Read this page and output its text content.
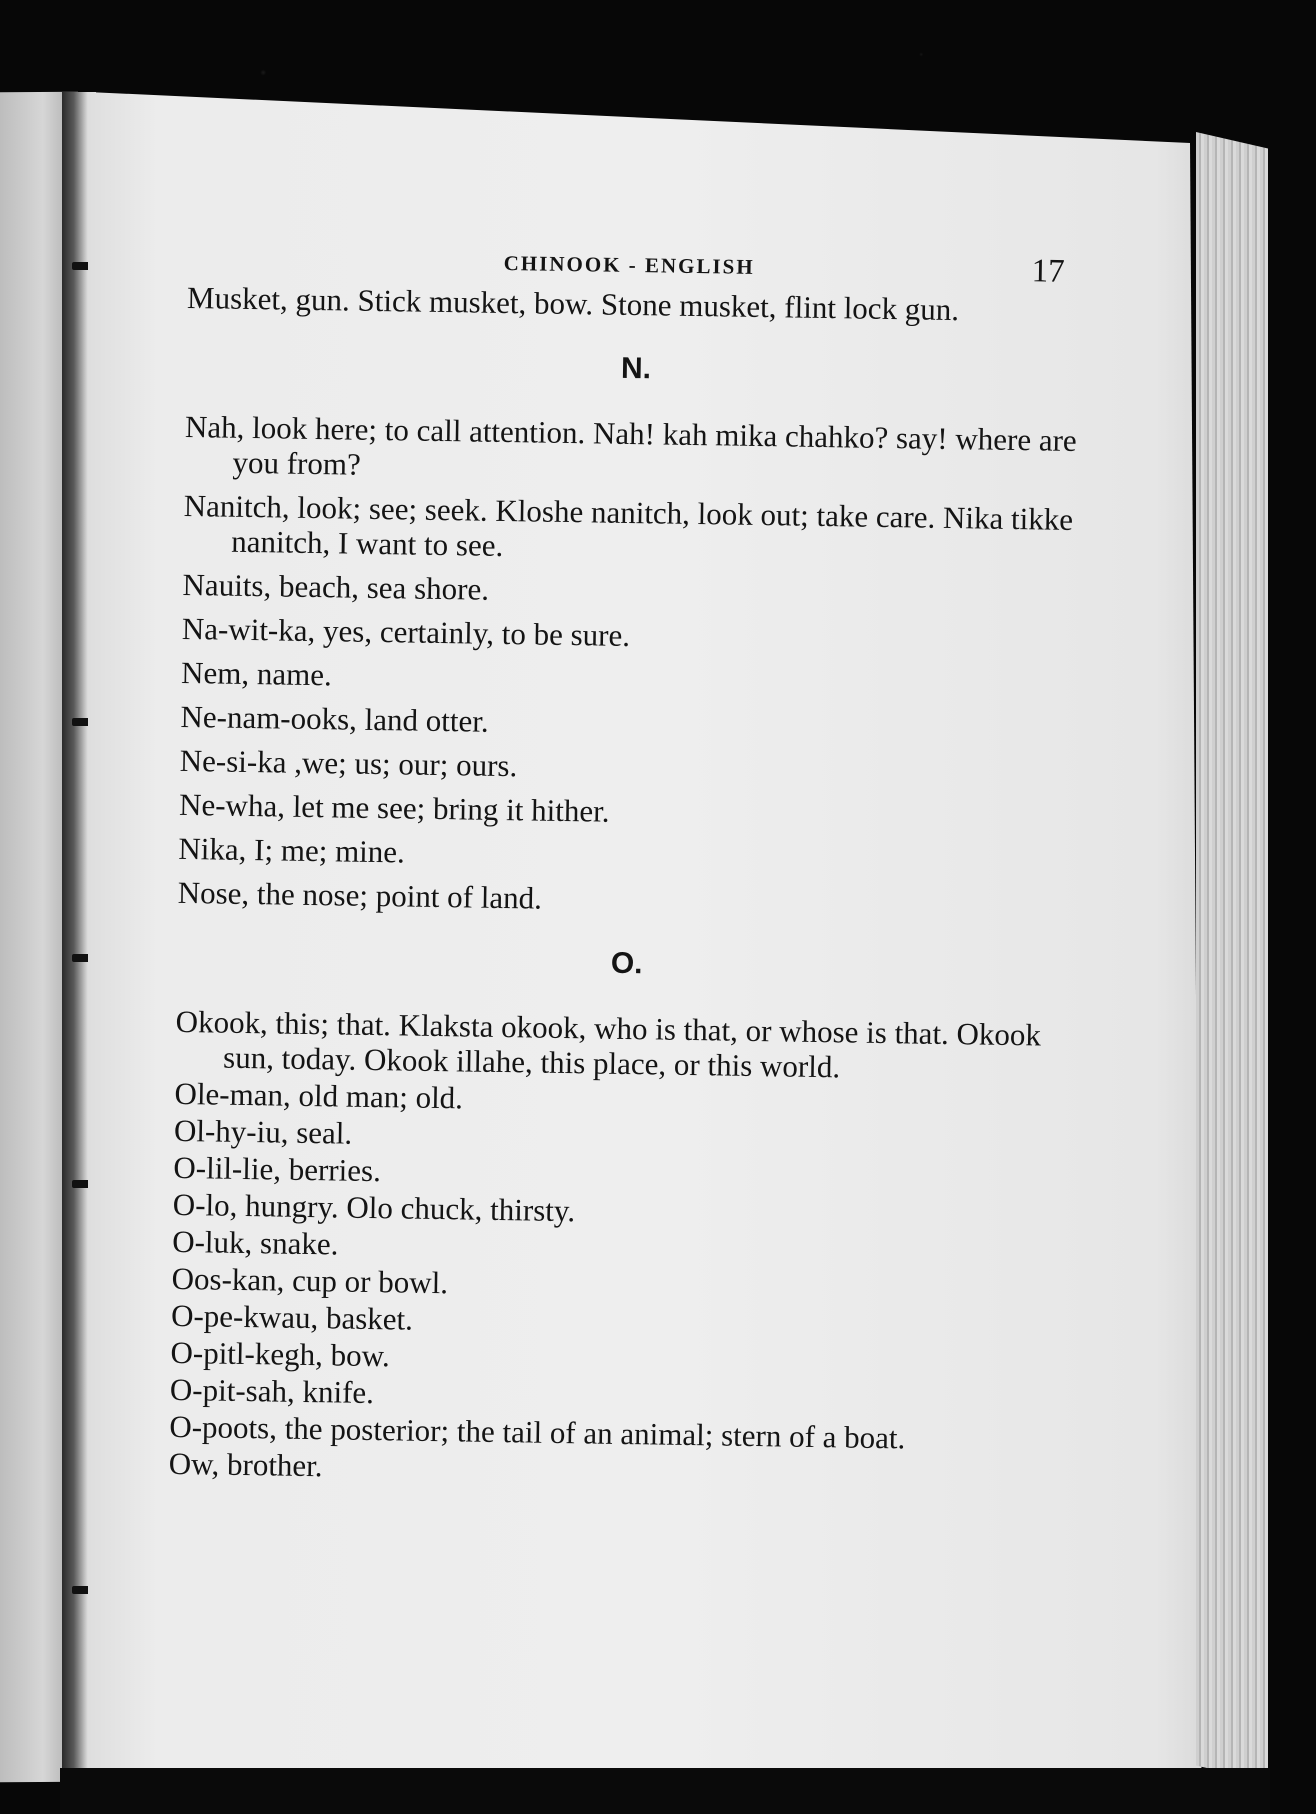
CHINOOK - ENGLISH	17

Musket, gun. Stick musket, bow. Stone musket, flint lock gun.

N.

Nah, look here; to call attention. Nah! kah mika chahko? say! where are you from?

Nanitch, look; see; seek. Kloshe nanitch, look out; take care. Nika tikke nanitch, I want to see.

Nauits, beach, sea shore.

Na-wit-ka, yes, certainly, to be sure.

Nem, name.

Ne-nam-ooks, land otter.

Ne-si-ka ,we; us; our; ours.

Ne-wha, let me see; bring it hither.

Nika, I; me; mine.

Nose, the nose; point of land.

O.

Okook, this; that. Klaksta okook, who is that, or whose is that. Okook sun, today. Okook illahe, this place, or this world.

Ole-man, old man; old.

Ol-hy-iu, seal.

O-lil-lie, berries.

O-lo, hungry. Olo chuck, thirsty.

O-luk, snake.

Oos-kan, cup or bowl.

O-pe-kwau, basket.

O-pitl-kegh, bow.

O-pit-sah, knife.

O-poots, the posterior; the tail of an animal; stern of a boat.

Ow, brother.
